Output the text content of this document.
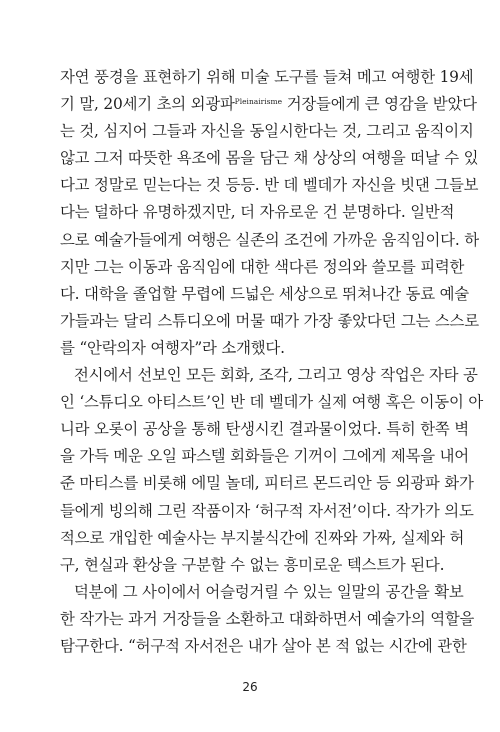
자연 풍경을 표현하기 위해 미술 도구를 들쳐 메고 여행한 19세
기 말, 20세기 초의 외광파$^{Pleinairisme}$ 거장들에게 큰 영감을 받았다
는 것, 심지어 그들과 자신을 동일시한다는 것, 그리고 움직이지
않고 그저 따뜻한 욕조에 몸을 담근 채 상상의 여행을 떠날 수 있
다고 정말로 믿는다는 것 등등. 반 데 벨데가 자신을 빗댄 그들보
다는 덜하다 유명하겠지만, 더 자유로운 건 분명하다. 일반적
으로 예술가들에게 여행은 실존의 조건에 가까운 움직임이다. 하
지만 그는 이동과 움직임에 대한 색다른 정의와 쓸모를 피력한
다. 대학을 졸업할 무렵에 드넓은 세상으로 뛰쳐나간 동료 예술
가들과는 달리 스튜디오에 머물 때가 가장 좋았다던 그는 스스로
를 “안락의자 여행자”라 소개했다.
전시에서 선보인 모든 회화, 조각, 그리고 영상 작업은 자타 공
인 ‘스튜디오 아티스트’인 반 데 벨데가 실제 여행 혹은 이동이 아
니라 오롯이 공상을 통해 탄생시킨 결과물이었다. 특히 한쪽 벽
을 가득 메운 오일 파스텔 회화들은 기꺼이 그에게 제목을 내어
준 마티스를 비롯해 에밀 놀데, 피터르 몬드리안 등 외광파 화가
들에게 빙의해 그린 작품이자 ‘허구적 자서전’이다. 작가가 의도
적으로 개입한 예술사는 부지불식간에 진짜와 가짜, 실제와 허
구, 현실과 환상을 구분할 수 없는 흥미로운 텍스트가 된다.
덕분에 그 사이에서 어슬렁거릴 수 있는 일말의 공간을 확보
한 작가는 과거 거장들을 소환하고 대화하면서 예술가의 역할을
탐구한다. “허구적 자서전은 내가 살아 본 적 없는 시간에 관한
26
